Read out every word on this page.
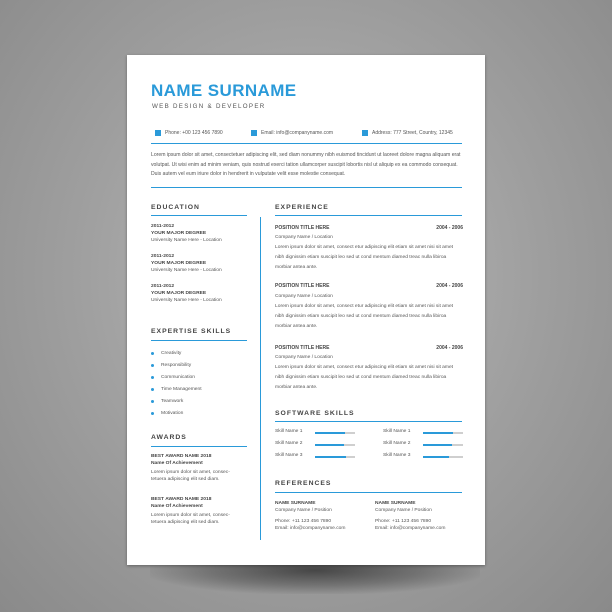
NAME SURNAME
WEB DESIGN & DEVELOPER
Phone: +00 123 456 7890	Email: info@companyname.com	Address: 777 Street, Country, 12345
Lorem ipsum dolor sit amet, consectetuer adipiscing elit, sed diam nonummy nibh euismod tincidunt ut laoreet dolore magna aliquam erat volutpat. Ut wisi enim ad minim veniam, quis nostrud exerci tation ullamcorper suscipit lobortis nisl ut aliquip ex ea commodo consequat. Duis autem vel eum iriure dolor in hendrerit in vulputate velit esse molestie consequat.
EDUCATION
2011-2012
YOUR MAJOR DEGREE
University Name Here - Location
2011-2012
YOUR MAJOR DEGREE
University Name Here - Location
2011-2012
YOUR MAJOR DEGREE
University Name Here - Location
EXPERTISE SKILLS
Creativity
Responsibility
Communication
Time Management
Teamwork
Motivation
AWARDS
BEST AWARD NAME 2018
Name Of Achievement
Lorem ipsum dolor sit amet, consec-
tetuera adipiscing elit sed diam.
BEST AWARD NAME 2018
Name Of Achievement
Lorem ipsum dolor sit amet, consec-
tetuera adipiscing elit sed diam.
EXPERIENCE
POSITION TITLE HERE	2004 - 2006
Company Name / Location
Lorem ipsum dolor sit amet, consect etur adipiscing elit etiam sit amet nisi sit amet nibh dignissim etiam suscipit leo sed ut cond mentum diamed treac nulla libiroa morbiar antea ante.
POSITION TITLE HERE	2004 - 2006
Company Name / Location
Lorem ipsum dolor sit amet, consect etur adipiscing elit etiam sit amet nisi sit amet nibh dignissim etiam suscipit leo sed ut cond mentum diamed treac nulla libiroa morbiar antea ante.
POSITION TITLE HERE	2004 - 2006
Company Name / Location
Lorem ipsum dolor sit amet, consect etur adipiscing elit etiam sit amet nisi sit amet nibh dignissim etiam suscipit leo sed ut cond mentum diamed treac nulla libiroa morbiar antea ante.
SOFTWARE SKILLS
Skill Name 1	Skill Name 1
Skill Name 2	Skill Name 2
Skill Name 3	Skill Name 3
REFERENCES
NAME SURNAME
Company Name / Position
Phone: +11 123 456 7890
Email: info@companyname.com
NAME SURNAME
Company Name / Position
Phone: +11 123 456 7890
Email: info@companyname.com
